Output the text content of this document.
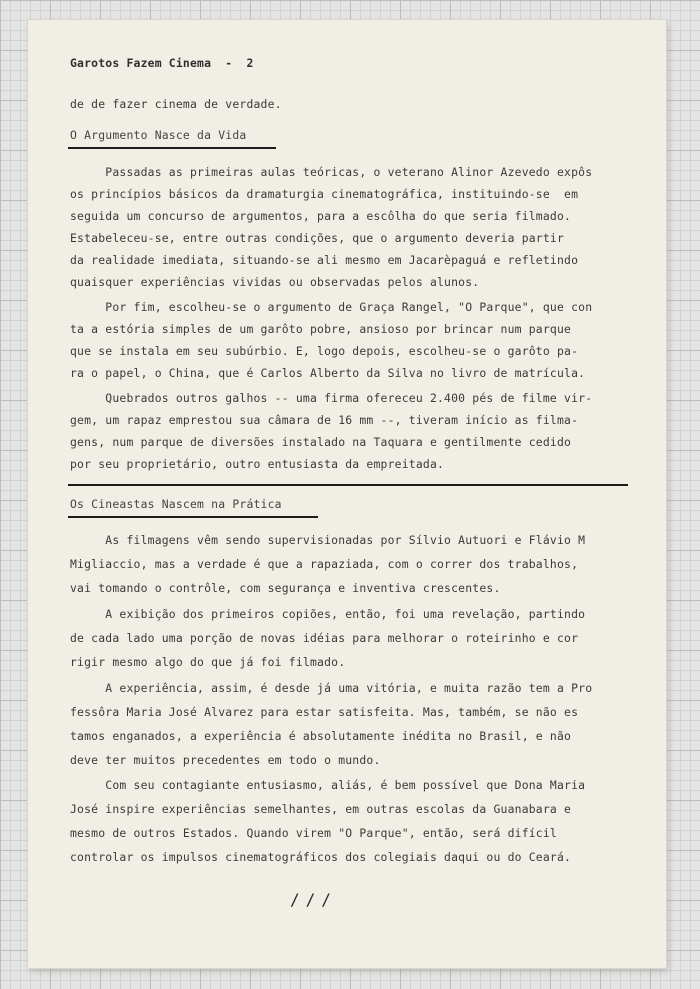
Garotos Fazem Cinema  -  2

de de fazer cinema de verdade.

O Argumento Nasce da Vida

Passadas as primeiras aulas teóricas, o veterano Alinor Azevedo expôs

os princípios básicos da dramaturgia cinematográfica, instituindo-se  em

seguida um concurso de argumentos, para a escôlha do que seria filmado.

Estabeleceu-se, entre outras condições, que o argumento deveria partir

da realidade imediata, situando-se ali mesmo em Jacarèpaguá e refletindo

quaisquer experiências vividas ou observadas pelos alunos.

Por fim, escolheu-se o argumento de Graça Rangel, "O Parque", que con

ta a estória simples de um garôto pobre, ansioso por brincar num parque

que se instala em seu subúrbio. E, logo depois, escolheu-se o garôto pa-

ra o papel, o China, que é Carlos Alberto da Silva no livro de matrícula.

Quebrados outros galhos -- uma firma ofereceu 2.400 pés de filme vir-

gem, um rapaz emprestou sua câmara de 16 mm --, tiveram início as filma-

gens, num parque de diversões instalado na Taquara e gentilmente cedido

por seu proprietário, outro entusiasta da empreitada.

Os Cineastas Nascem na Prática

As filmagens vêm sendo supervisionadas por Sílvio Autuori e Flávio M

Migliaccio, mas a verdade é que a rapaziada, com o correr dos trabalhos,

vai tomando o contrôle, com segurança e inventiva crescentes.

A exibição dos primeiros copiões, então, foi uma revelação, partindo

de cada lado uma porção de novas idéias para melhorar o roteirinho e cor

rigir mesmo algo do que já foi filmado.

A experiência, assim, é desde já uma vitória, e muita razão tem a Pro

fessôra Maria José Alvarez para estar satisfeita. Mas, também, se não es

tamos enganados, a experiência é absolutamente inédita no Brasil, e não

deve ter muitos precedentes em todo o mundo.

Com seu contagiante entusiasmo, aliás, é bem possível que Dona Maria

José inspire experiências semelhantes, em outras escolas da Guanabara e

mesmo de outros Estados. Quando virem "O Parque", então, será difícil

controlar os impulsos cinematográficos dos colegiais daqui ou do Ceará.

///
